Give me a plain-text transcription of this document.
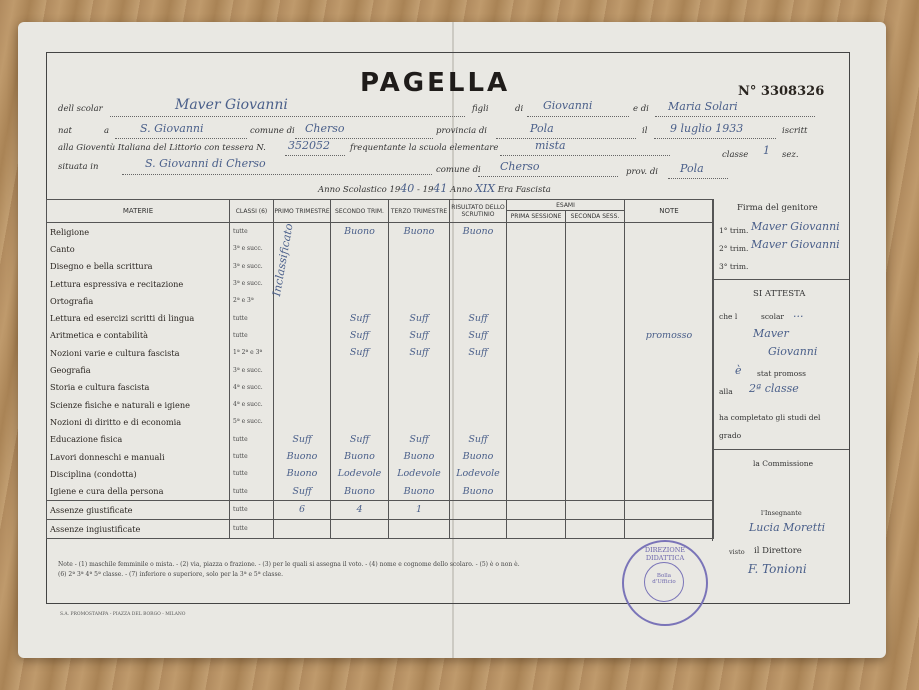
PAGELLA	N° 3308326
dell scolar	Maver Giovanni	figli	di Giovanni	e di Maria Solari
nat	a	S. Giovanni	comune di Cherso	provincia di	Pola	il 9 luglio 1933	iscritt
alla Gioventù Italiana del Littorio con tessera N. 352052 frequentante la scuola elementare	mista
classe 1 sez.
situata in	S. Giovanni di Cherso	comune di Cherso	prov. di Pola
Anno Scolastico 1940 - 1941 Anno XIX Era Fascista
MATERIE	CLASSI (6)	PRIMO TRIMESTRE	SECONDO TRIM.	TERZO TRIMESTRE	RISULTATO DELLO SCRUTINIO	ESAMI		NOTE
						PRIMA SESSIONE	SECONDA SESS.	
Religione	tutte		Buono	Buono	Buono			
Canto	3ª e succ.							
Disegno e bella scrittura	3ª e succ.							
Lettura espressiva e recitazione	3ª e succ.							
Ortografia	2ª e 3ª							
Lettura ed esercizi scritti di lingua	tutte		Suff	Suff	Suff			
Aritmetica e contabilità	tutte		Suff	Suff	Suff			promosso
Nozioni varie e cultura fascista	1ª 2ª e 3ª		Suff	Suff	Suff			
Geografia	3ª e succ.							
Storia e cultura fascista	4ª e succ.							
Scienze fisiche e naturali e igiene	4ª e succ.							
Nozioni di diritto e di economia	5ª e succ.							
Educazione fisica	tutte	Suff	Suff	Suff	Suff			
Lavori donneschi e manuali	tutte	Buono	Buono	Buono	Buono			
Disciplina (condotta)	tutte	Buono	Lodevole	Lodevole	Lodevole			
Igiene e cura della persona	tutte	Suff	Buono	Buono	Buono			
Assenze giustificate	tutte	6	4	1				
Assenze ingiustificate	tutte							
Inclassificato
Firma del genitore
1° trim. Maver Giovanni
2° trim. Maver Giovanni
3° trim.
SI ATTESTA
che l	scolar ...
Maver
Giovanni
è stat promoss
alla 2ª classe
ha completato gli studi del
grado
la Commissione
l'Insegnante
Lucia Moretti
visto il Direttore
F. Tonioni
Note - (1) maschile femminile o mista. - (2) via, piazza o frazione. - (3) per le quali si assegna il voto. - (4) nome e cognome dello scolaro. - (5) è o non è.
(6) 2ª 3ª 4ª 5ª classe. - (7) inferiore o superiore, solo per la 3ª e 5ª classe.
S.A. PROMOSTAMPA - PIAZZA DEL BORGO - MILANO
DIREZIONE DIDATTICA
Bolla d'Ufficio
